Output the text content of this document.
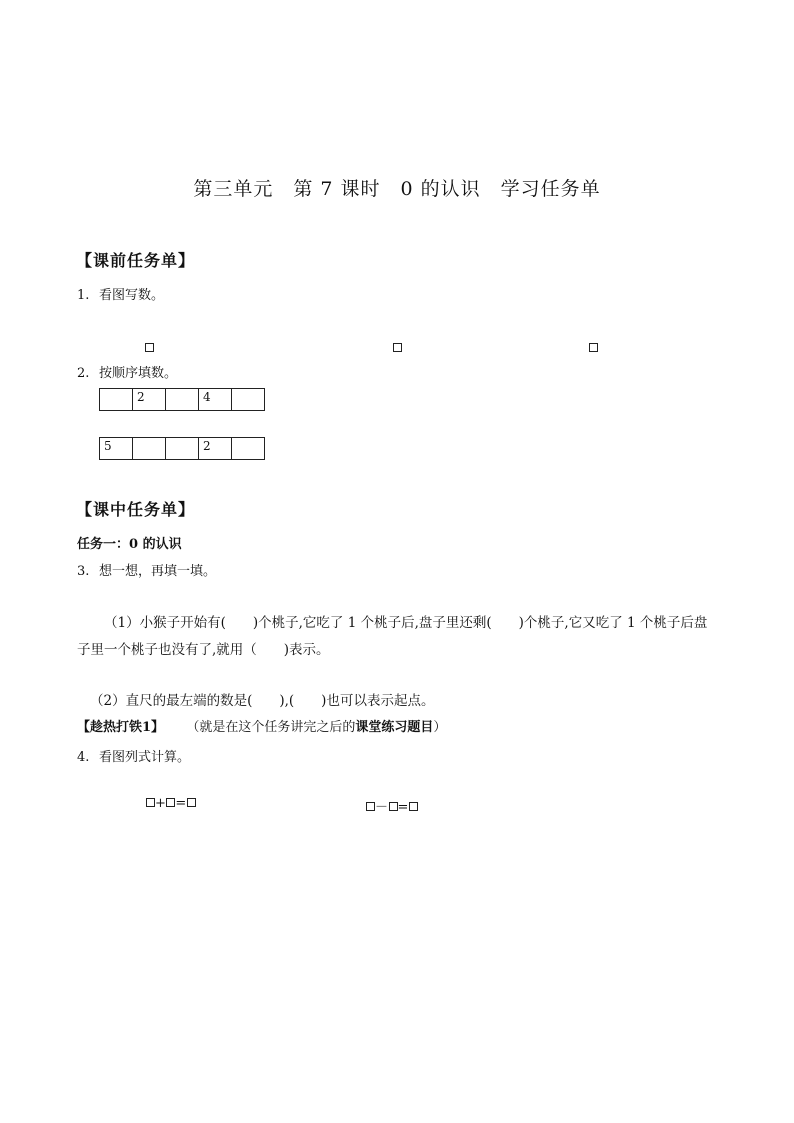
第三单元　第 7 课时　0 的认识　学习任务单
【课前任务单】
1. 看图写数。

2. 按顺序填数。
	2		4	
5			2	
【课中任务单】
任务一：0 的认识
3. 想一想，再填一填。
（1）小猴子开始有(　　)个桃子,它吃了 1 个桃子后,盘子里还剩(　　)个桃子,它又吃了 1 个桃子后盘
子里一个桃子也没有了,就用（　　)表示。
（2）直尺的最左端的数是(　　),(　　)也可以表示起点。
【趁热打铁1】 （就是在这个任务讲完之后的课堂练习题目）
4. 看图列式计算。
+ =	－ =
